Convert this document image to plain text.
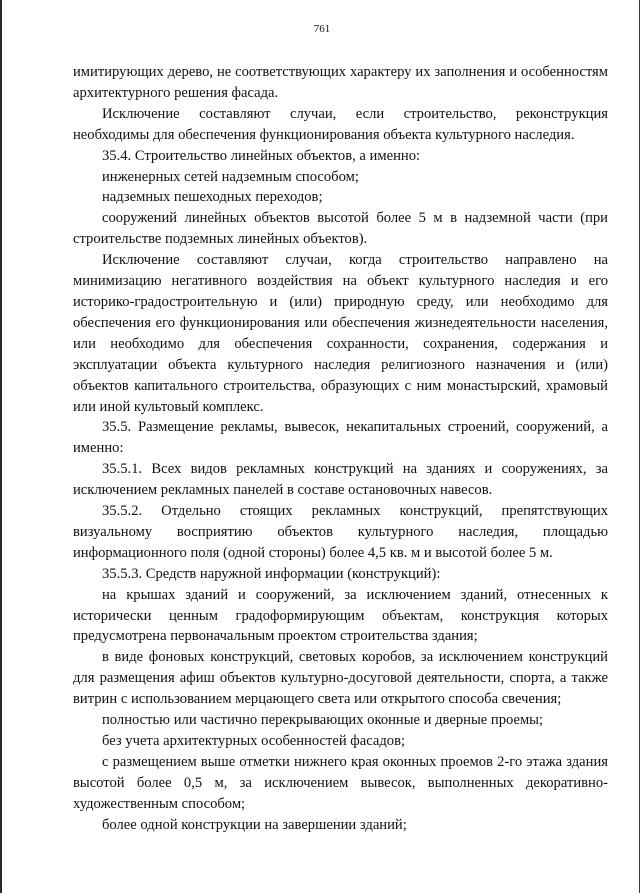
761

имитирующих дерево, не соответствующих характеру их заполнения и особенностям архитектурного решения фасада.

Исключение составляют случаи, если строительство, реконструкция необходимы для обеспечения функционирования объекта культурного наследия.

35.4. Строительство линейных объектов, а именно:

инженерных сетей надземным способом;

надземных пешеходных переходов;

сооружений линейных объектов высотой более 5 м в надземной части (при строительстве подземных линейных объектов).

Исключение составляют случаи, когда строительство направлено на минимизацию негативного воздействия на объект культурного наследия и его историко-градостроительную и (или) природную среду, или необходимо для обеспечения его функционирования или обеспечения жизнедеятельности населения, или необходимо для обеспечения сохранности, сохранения, содержания и эксплуатации объекта культурного наследия религиозного назначения и (или) объектов капитального строительства, образующих с ним монастырский, храмовый или иной культовый комплекс.

35.5. Размещение рекламы, вывесок, некапитальных строений, сооружений, а именно:

35.5.1. Всех видов рекламных конструкций на зданиях и сооружениях, за исключением рекламных панелей в составе остановочных навесов.

35.5.2. Отдельно стоящих рекламных конструкций, препятствующих визуальному восприятию объектов культурного наследия, площадью информационного поля (одной стороны) более 4,5 кв. м и высотой более 5 м.

35.5.3. Средств наружной информации (конструкций):

на крышах зданий и сооружений, за исключением зданий, отнесенных к исторически ценным градоформирующим объектам, конструкция которых предусмотрена первоначальным проектом строительства здания;

в виде фоновых конструкций, световых коробов, за исключением конструкций для размещения афиш объектов культурно-досуговой деятельности, спорта, а также витрин с использованием мерцающего света или открытого способа свечения;

полностью или частично перекрывающих оконные и дверные проемы;

без учета архитектурных особенностей фасадов;

с размещением выше отметки нижнего края оконных проемов 2-го этажа здания высотой более 0,5 м, за исключением вывесок, выполненных декоративно-художественным способом;

более одной конструкции на завершении зданий;
